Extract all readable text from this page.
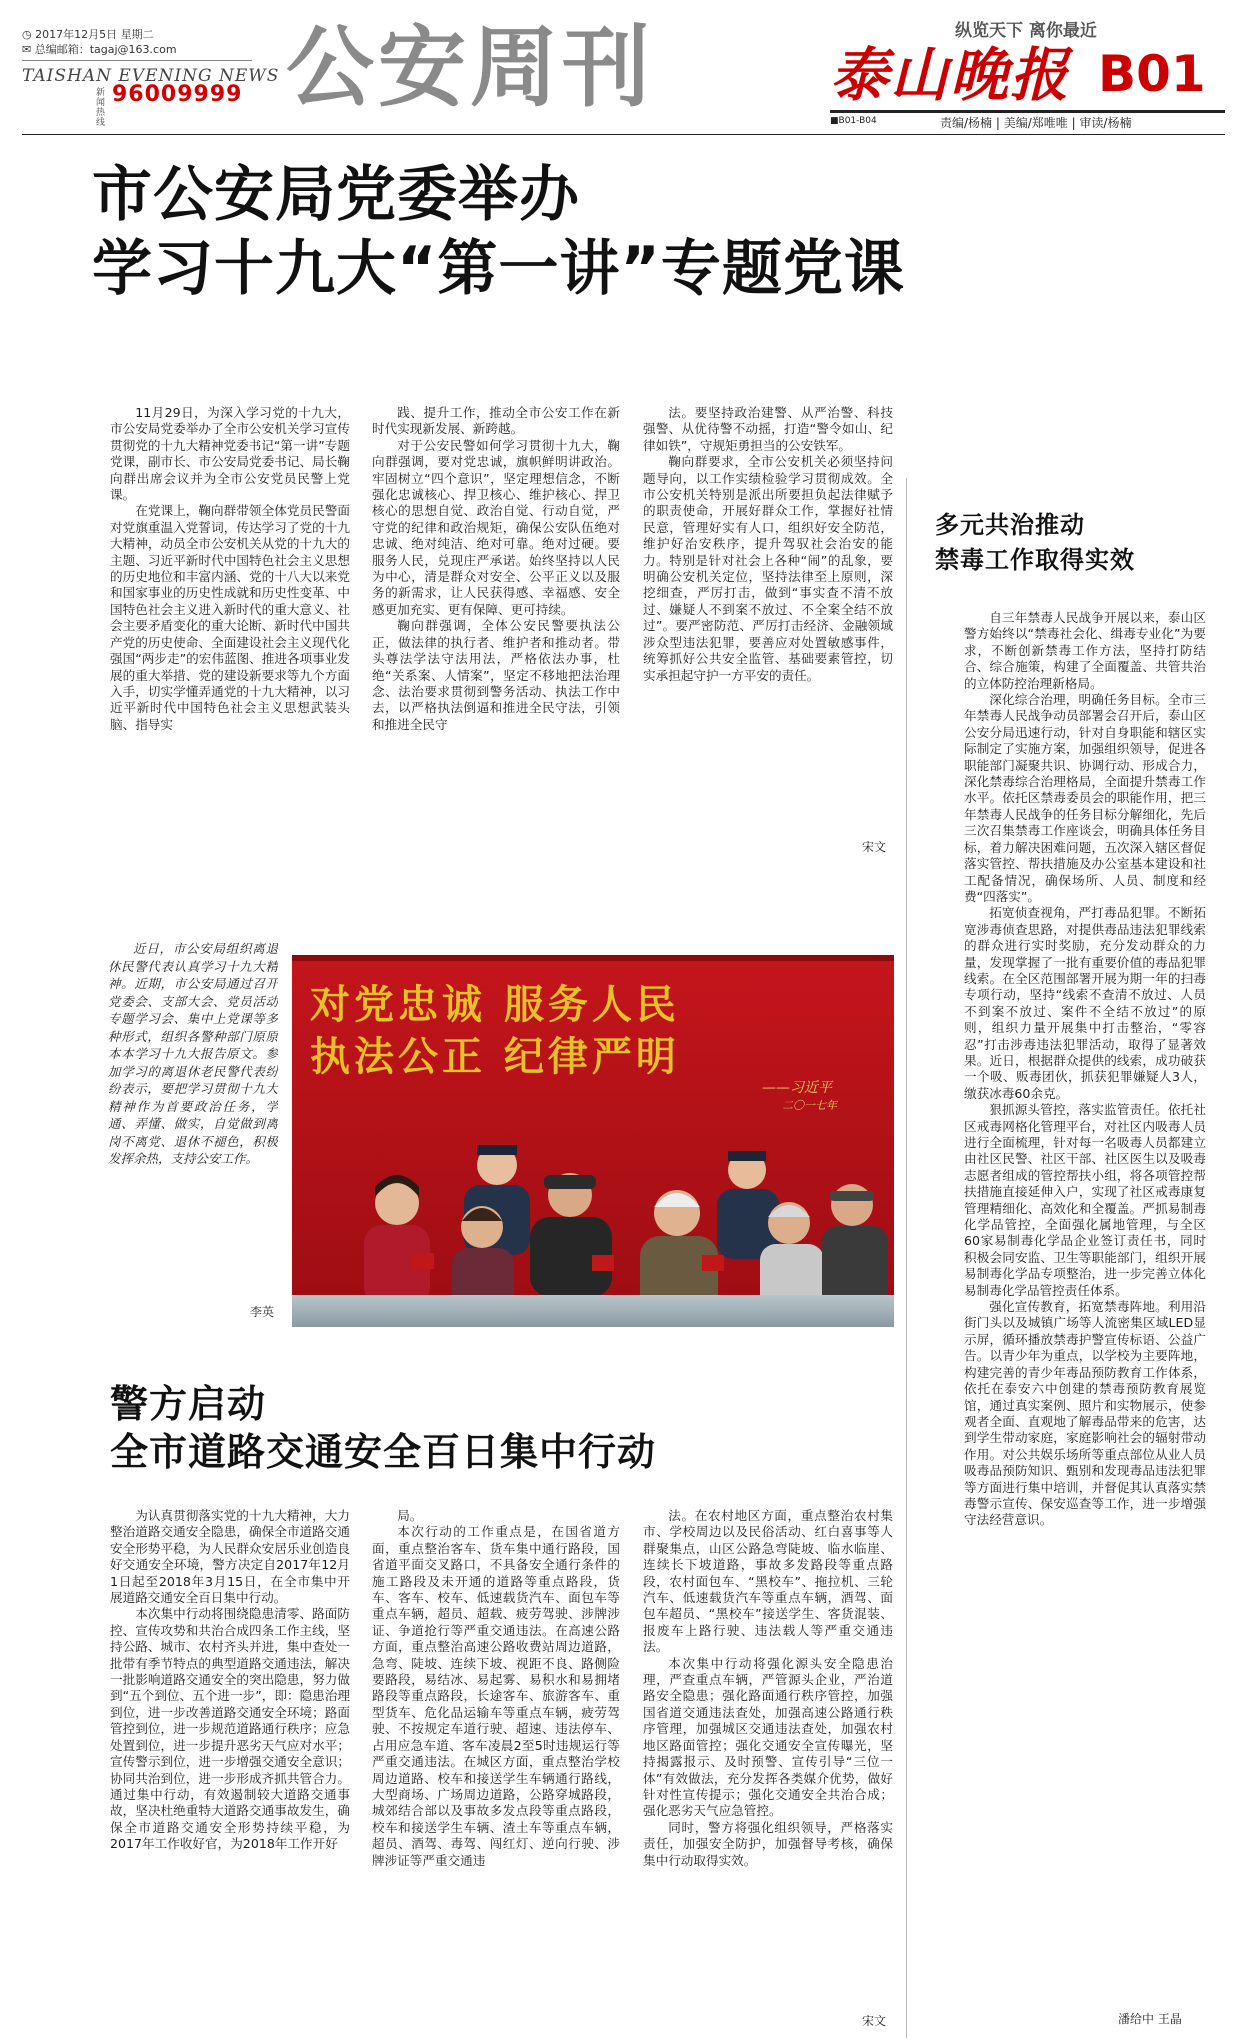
◷ 2017年12月5日 星期二
✉ 总编邮箱：tagaj@163.com
TAISHAN EVENING NEWS
新闻热线
96009999 公安周刊	纵览天下 离你最近
泰山晚报 B01
■B01-B04	责编/杨楠 | 美编/郑唯唯 | 审读/杨楠
市公安局党委举办
学习十九大“第一讲”专题党课

11月29日，为深入学习党的十九大，市公安局党委举办了全市公安机关学习宣传贯彻党的十九大精神党委书记“第一讲”专题党课，副市长、市公安局党委书记、局长鞠向群出席会议并为全市公安党员民警上党课。

在党课上，鞠向群带领全体党员民警面对党旗重温入党誓词，传达学习了党的十九大精神，动员全市公安机关从党的十九大的主题、习近平新时代中国特色社会主义思想的历史地位和丰富内涵、党的十八大以来党和国家事业的历史性成就和历史性变革、中国特色社会主义进入新时代的重大意义、社会主要矛盾变化的重大论断、新时代中国共产党的历史使命、全面建设社会主义现代化强国“两步走”的宏伟蓝图、推进各项事业发展的重大举措、党的建设新要求等九个方面入手，切实学懂弄通党的十九大精神，以习近平新时代中国特色社会主义思想武装头脑、指导实

践、提升工作，推动全市公安工作在新时代实现新发展、新跨越。

对于公安民警如何学习贯彻十九大，鞠向群强调，要对党忠诚，旗帜鲜明讲政治。牢固树立“四个意识”，坚定理想信念，不断强化忠诚核心、捍卫核心、维护核心、捍卫核心的思想自觉、政治自觉、行动自觉，严守党的纪律和政治规矩，确保公安队伍绝对忠诚、绝对纯洁、绝对可靠。绝对过硬。要服务人民，兑现庄严承诺。始终坚持以人民为中心，清是群众对安全、公平正义以及服务的新需求，让人民获得感、幸福感、安全感更加充实、更有保障、更可持续。

鞠向群强调，全体公安民警要执法公正，做法律的执行者、维护者和推动者。带头尊法学法守法用法，严格依法办事，杜绝“关系案、人情案”，坚定不移地把法治理念、法治要求贯彻到警务活动、执法工作中去，以严格执法倒逼和推进全民守法，引领和推进全民守

法。要坚持政治建警、从严治警、科技强警、从优待警不动摇，打造“警令如山、纪律如铁”，守规矩勇担当的公安铁军。

鞠向群要求，全市公安机关必须坚持问题导向，以工作实绩检验学习贯彻成效。全市公安机关特别是派出所要担负起法律赋予的职责使命，开展好群众工作，掌握好社情民意，管理好实有人口，组织好安全防范，维护好治安秩序，提升驾驭社会治安的能力。特别是针对社会上各种“闹”的乱象，要明确公安机关定位，坚持法律至上原则，深挖细查，严厉打击，做到“事实查不清不放过、嫌疑人不到案不放过、不全案全结不放过”。要严密防范、严厉打击经济、金融领域涉众型违法犯罪，要善应对处置敏感事件，统筹抓好公共安全监管、基础要素管控，切实承担起守护一方平安的责任。

宋文
多元共治推动
禁毒工作取得实效

自三年禁毒人民战争开展以来，泰山区警方始终以“禁毒社会化、缉毒专业化”为要求，不断创新禁毒工作方法，坚持打防结合、综合施策，构建了全面覆盖、共管共治的立体防控治理新格局。

深化综合治理，明确任务目标。全市三年禁毒人民战争动员部署会召开后，泰山区公安分局迅速行动，针对自身职能和辖区实际制定了实施方案，加强组织领导，促进各职能部门凝聚共识、协调行动、形成合力，深化禁毒综合治理格局，全面提升禁毒工作水平。依托区禁毒委员会的职能作用，把三年禁毒人民战争的任务目标分解细化，先后三次召集禁毒工作座谈会，明确具体任务目标，着力解决困难问题，五次深入辖区督促落实管控、帮扶措施及办公室基本建设和社工配备情况，确保场所、人员、制度和经费“四落实”。

拓宽侦查视角，严打毒品犯罪。不断拓宽涉毒侦查思路，对提供毒品违法犯罪线索的群众进行实时奖励，充分发动群众的力量，发现掌握了一批有重要价值的毒品犯罪线索。在全区范围部署开展为期一年的扫毒专项行动，坚持“线索不查清不放过、人员不到案不放过、案件不全结不放过”的原则，组织力量开展集中打击整治，“零容忍”打击涉毒违法犯罪活动，取得了显著效果。近日，根据群众提供的线索，成功破获一个吸、贩毒团伙，抓获犯罪嫌疑人3人，缴获冰毒60余克。

狠抓源头管控，落实监管责任。依托社区戒毒网格化管理平台，对社区内吸毒人员进行全面梳理，针对每一名吸毒人员都建立由社区民警、社区干部、社区医生以及吸毒志愿者组成的管控帮扶小组，将各项管控帮扶措施直接延伸入户，实现了社区戒毒康复管理精细化、高效化和全覆盖。严抓易制毒化学品管控，全面强化属地管理，与全区60家易制毒化学品企业签订责任书，同时积极会同安监、卫生等职能部门，组织开展易制毒化学品专项整治，进一步完善立体化易制毒化学品管控责任体系。

强化宣传教育，拓宽禁毒阵地。利用沿街门头以及城镇广场等人流密集区域LED显示屏，循环播放禁毒护警宣传标语、公益广告。以青少年为重点，以学校为主要阵地，构建完善的青少年毒品预防教育工作体系，依托在泰安六中创建的禁毒预防教育展览馆，通过真实案例、照片和实物展示，使参观者全面、直观地了解毒品带来的危害，达到学生带动家庭，家庭影响社会的辐射带动作用。对公共娱乐场所等重点部位从业人员吸毒品预防知识、甄别和发现毒品违法犯罪等方面进行集中培训，并督促其认真落实禁毒警示宣传、保安巡查等工作，进一步增强守法经营意识。

潘给中 王晶

近日，市公安局组织离退休民警代表认真学习十九大精神。近期，市公安局通过召开党委会、支部大会、党员活动专题学习会、集中上党课等多种形式，组织各警种部门原原本本学习十九大报告原文。参加学习的离退休老民警代表纷纷表示，要把学习贯彻十九大精神作为首要政治任务，学通、弄懂、做实，自觉做到离岗不离党、退休不褪色，积极发挥余热，支持公安工作。

李英
对党忠诚 服务人民
执法公正 纪律严明
——习近平
二〇一七年
警方启动
全市道路交通安全百日集中行动

为认真贯彻落实党的十九大精神，大力整治道路交通安全隐患，确保全市道路交通安全形势平稳，为人民群众安居乐业创造良好交通安全环境，警方决定自2017年12月1日起至2018年3月15日，在全市集中开展道路交通安全百日集中行动。

本次集中行动将围绕隐患清零、路面防控、宣传攻势和共治合成四条工作主线，坚持公路、城市、农村齐头并进，集中查处一批带有季节特点的典型道路交通违法，解决一批影响道路交通安全的突出隐患，努力做到“五个到位、五个进一步”，即：隐患治理到位，进一步改善道路交通安全环境；路面管控到位，进一步规范道路通行秩序；应急处置到位，进一步提升恶劣天气应对水平；宣传警示到位，进一步增强交通安全意识；协同共治到位，进一步形成齐抓共管合力。通过集中行动，有效遏制较大道路交通事故，坚决杜绝重特大道路交通事故发生，确保全市道路交通安全形势持续平稳，为2017年工作收好官，为2018年工作开好

局。

本次行动的工作重点是，在国省道方面，重点整治客车、货车集中通行路段，国省道平面交叉路口，不具备安全通行条件的施工路段及未开通的道路等重点路段，货车、客车、校车、低速载货汽车、面包车等重点车辆，超员、超载、疲劳驾驶、涉牌涉证、争道抢行等严重交通违法。在高速公路方面，重点整治高速公路收费站周边道路，急弯、陡坡、连续下坡、视距不良、路侧险要路段，易结冰、易起雾、易积水和易拥堵路段等重点路段，长途客车、旅游客车、重型货车、危化品运输车等重点车辆，疲劳驾驶、不按规定车道行驶、超速、违法停车、占用应急车道、客车凌晨2至5时违规运行等严重交通违法。在城区方面，重点整治学校周边道路、校车和接送学生车辆通行路线，大型商场、广场周边道路，公路穿城路段，城郊结合部以及事故多发点段等重点路段，校车和接送学生车辆、渣土车等重点车辆，超员、酒驾、毒驾、闯红灯、逆向行驶、涉牌涉证等严重交通违

法。在农村地区方面，重点整治农村集市、学校周边以及民俗活动、红白喜事等人群聚集点，山区公路急弯陡坡、临水临崖、连续长下坡道路，事故多发路段等重点路段，农村面包车、“黑校车”、拖拉机、三轮汽车、低速载货汽车等重点车辆，酒驾、面包车超员、“黑校车”接送学生、客货混装、报废车上路行驶、违法载人等严重交通违法。

本次集中行动将强化源头安全隐患治理，严查重点车辆，严管源头企业，严治道路安全隐患；强化路面通行秩序管控，加强国省道交通违法查处，加强高速公路通行秩序管理，加强城区交通违法查处，加强农村地区路面管控；强化交通安全宣传曝光，坚持揭露报示、及时预警、宣传引导“三位一体”有效做法，充分发挥各类媒介优势，做好针对性宣传提示；强化交通安全共治合成；强化恶劣天气应急管控。

同时，警方将强化组织领导，严格落实责任，加强安全防护，加强督导考核，确保集中行动取得实效。

宋文
